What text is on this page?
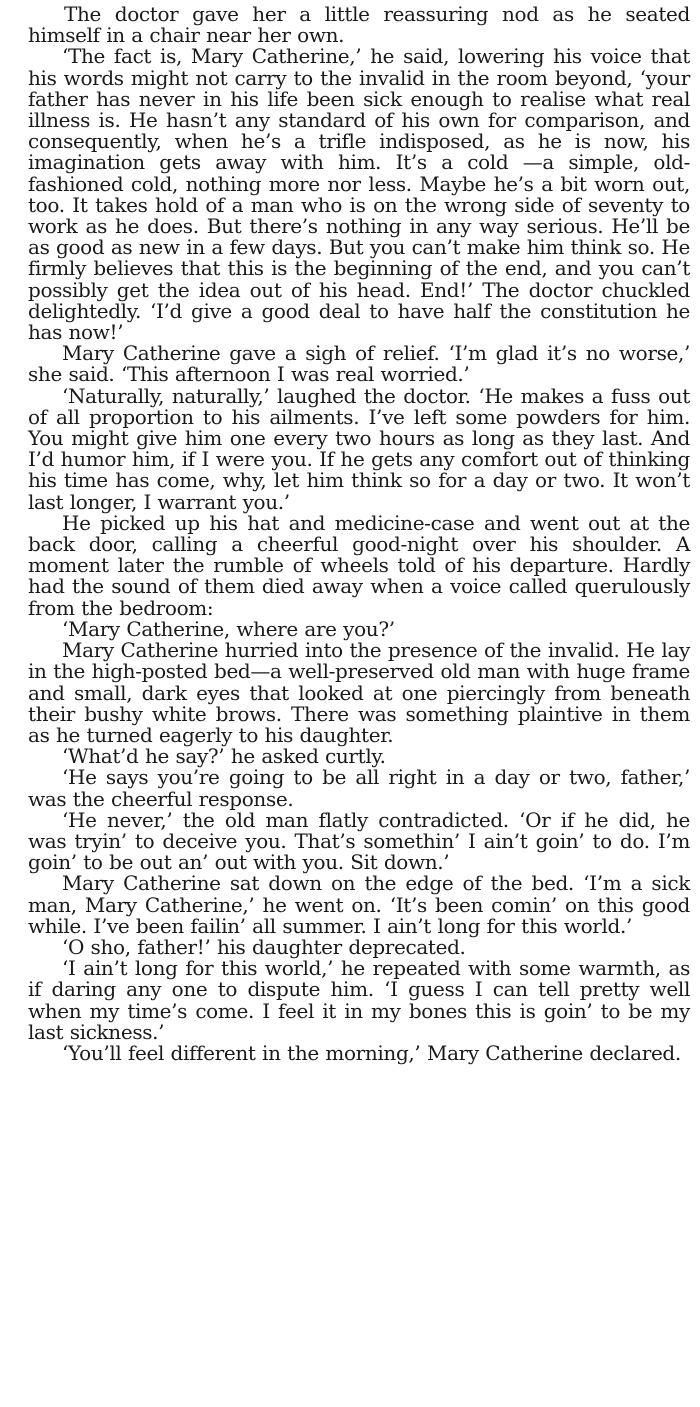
The doctor gave her a little reassuring nod as he seated himself in a chair near her own.

‘The fact is, Mary Catherine,’ he said, lowering his voice that his words might not carry to the invalid in the room beyond, ‘your father has never in his life been sick enough to realise what real illness is. He hasn’t any standard of his own for comparison, and consequently, when he’s a trifle indisposed, as he is now, his imagination gets away with him. It’s a cold —a simple, old-fashioned cold, nothing more nor less. Maybe he’s a bit worn out, too. It takes hold of a man who is on the wrong side of seventy to work as he does. But there’s nothing in any way serious. He’ll be as good as new in a few days. But you can’t make him think so. He firmly believes that this is the beginning of the end, and you can’t possibly get the idea out of his head. End!’ The doctor chuckled delightedly. ‘I’d give a good deal to have half the constitution he has now!’

Mary Catherine gave a sigh of relief. ‘I’m glad it’s no worse,’ she said. ‘This afternoon I was real worried.’

‘Naturally, naturally,’ laughed the doctor. ‘He makes a fuss out of all proportion to his ailments. I’ve left some powders for him. You might give him one every two hours as long as they last. And I’d humor him, if I were you. If he gets any comfort out of thinking his time has come, why, let him think so for a day or two. It won’t last longer, I warrant you.’

He picked up his hat and medicine-case and went out at the back door, calling a cheerful good-night over his shoulder. A moment later the rumble of wheels told of his departure. Hardly had the sound of them died away when a voice called querulously from the bedroom:

‘Mary Catherine, where are you?’

Mary Catherine hurried into the presence of the invalid. He lay in the high-posted bed—a well-preserved old man with huge frame and small, dark eyes that looked at one piercingly from beneath their bushy white brows. There was something plaintive in them as he turned eagerly to his daughter.

‘What’d he say?’ he asked curtly.

‘He says you’re going to be all right in a day or two, father,’ was the cheerful response.

‘He never,’ the old man flatly contradicted. ‘Or if he did, he was tryin’ to deceive you. That’s somethin’ I ain’t goin’ to do. I’m goin’ to be out an’ out with you. Sit down.’

Mary Catherine sat down on the edge of the bed. ‘I’m a sick man, Mary Catherine,’ he went on. ‘It’s been comin’ on this good while. I’ve been failin’ all summer. I ain’t long for this world.’

‘O sho, father!’ his daughter deprecated.

‘I ain’t long for this world,’ he repeated with some warmth, as if daring any one to dispute him. ‘I guess I can tell pretty well when my time’s come. I feel it in my bones this is goin’ to be my last sickness.’

‘You’ll feel different in the morning,’ Mary Catherine declared.
